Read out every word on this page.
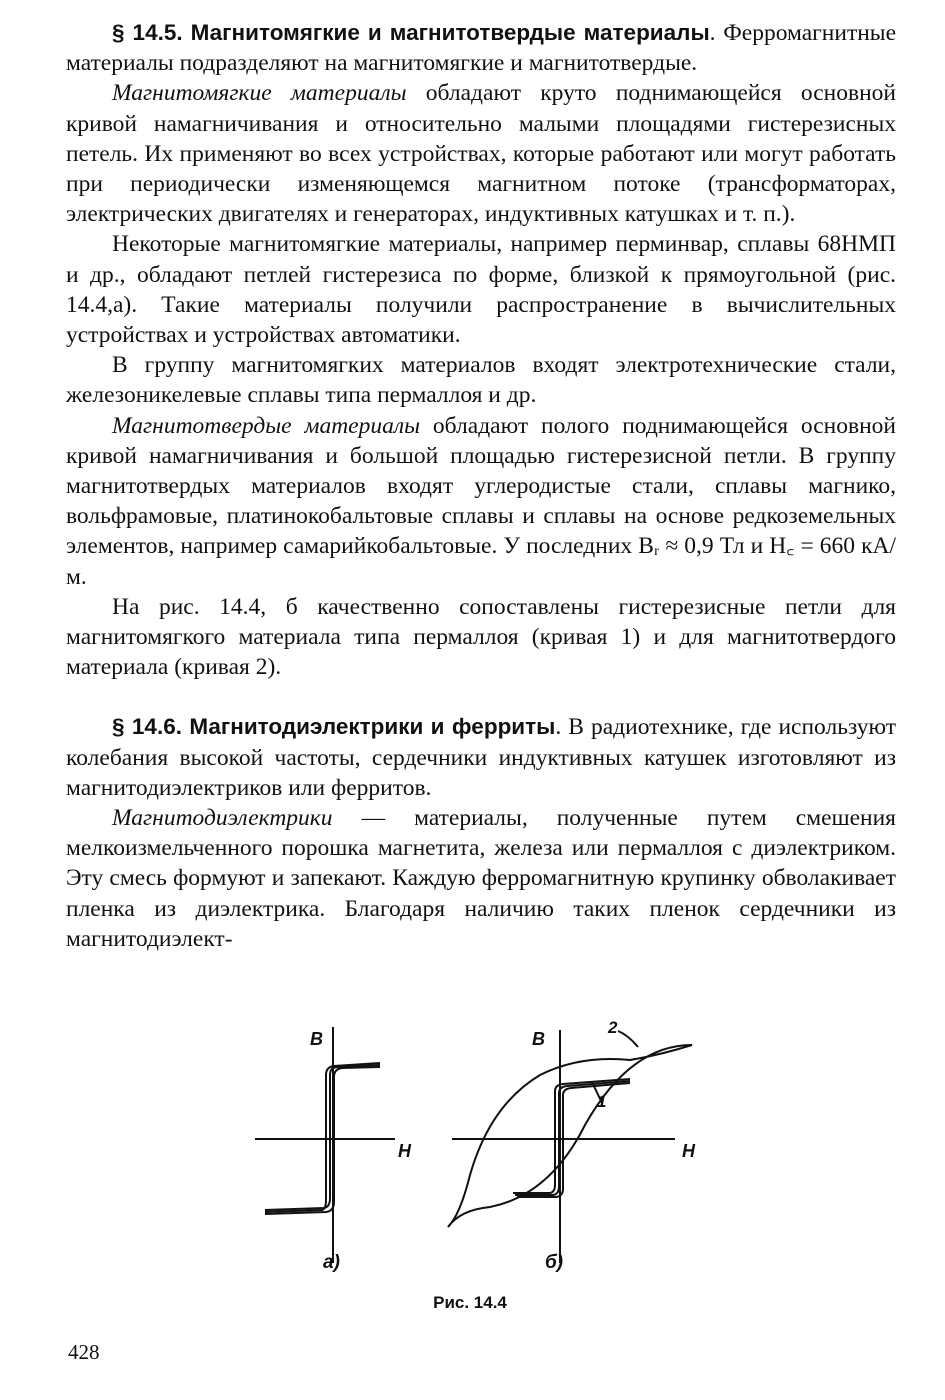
§ 14.5. Магнитомягкие и магнитотвердые материалы. Ферромагнитные материалы подразделяют на магнитомягкие и магнитотвердые.

Магнитомягкие материалы обладают круто поднимающейся основной кривой намагничивания и относительно малыми площадями гистерезисных петель. Их применяют во всех устройствах, которые работают или могут работать при периодически изменяющемся магнитном потоке (трансформаторах, электрических двигателях и генераторах, индуктивных катушках и т. п.).

Некоторые магнитомягкие материалы, например перминвар, сплавы 68НМП и др., обладают петлей гистерезиса по форме, близкой к прямоугольной (рис. 14.4,а). Такие материалы получили распространение в вычислительных устройствах и устройствах автоматики.

В группу магнитомягких материалов входят электротехнические стали, железоникелевые сплавы типа пермаллоя и др.

Магнитотвердые материалы обладают полого поднимающейся основной кривой намагничивания и большой площадью гистерезисной петли. В группу магнитотвердых материалов входят углеродистые стали, сплавы магнико, вольфрамовые, платинокобальтовые сплавы и сплавы на основе редкоземельных элементов, например самарийкобальтовые. У последних Bᵣ ≈ 0,9 Тл и H꜀ = 660 кА/м.

На рис. 14.4, б качественно сопоставлены гистерезисные петли для магнитомягкого материала типа пермаллоя (кривая 1) и для магнитотвердого материала (кривая 2).

§ 14.6. Магнитодиэлектрики и ферриты. В радиотехнике, где используют колебания высокой частоты, сердечники индуктивных катушек изготовляют из магнитодиэлектриков или ферритов.

Магнитодиэлектрики — материалы, полученные путем смешения мелкоизмельченного порошка магнетита, железа или пермаллоя с диэлектриком. Эту смесь формуют и запекают. Каждую ферромагнитную крупинку обволакивает пленка из диэлектрика. Благодаря наличию таких пленок сердечники из магнитодиэлект-

B
H
а)
B
H
1
2
б)
Рис. 14.4
428
